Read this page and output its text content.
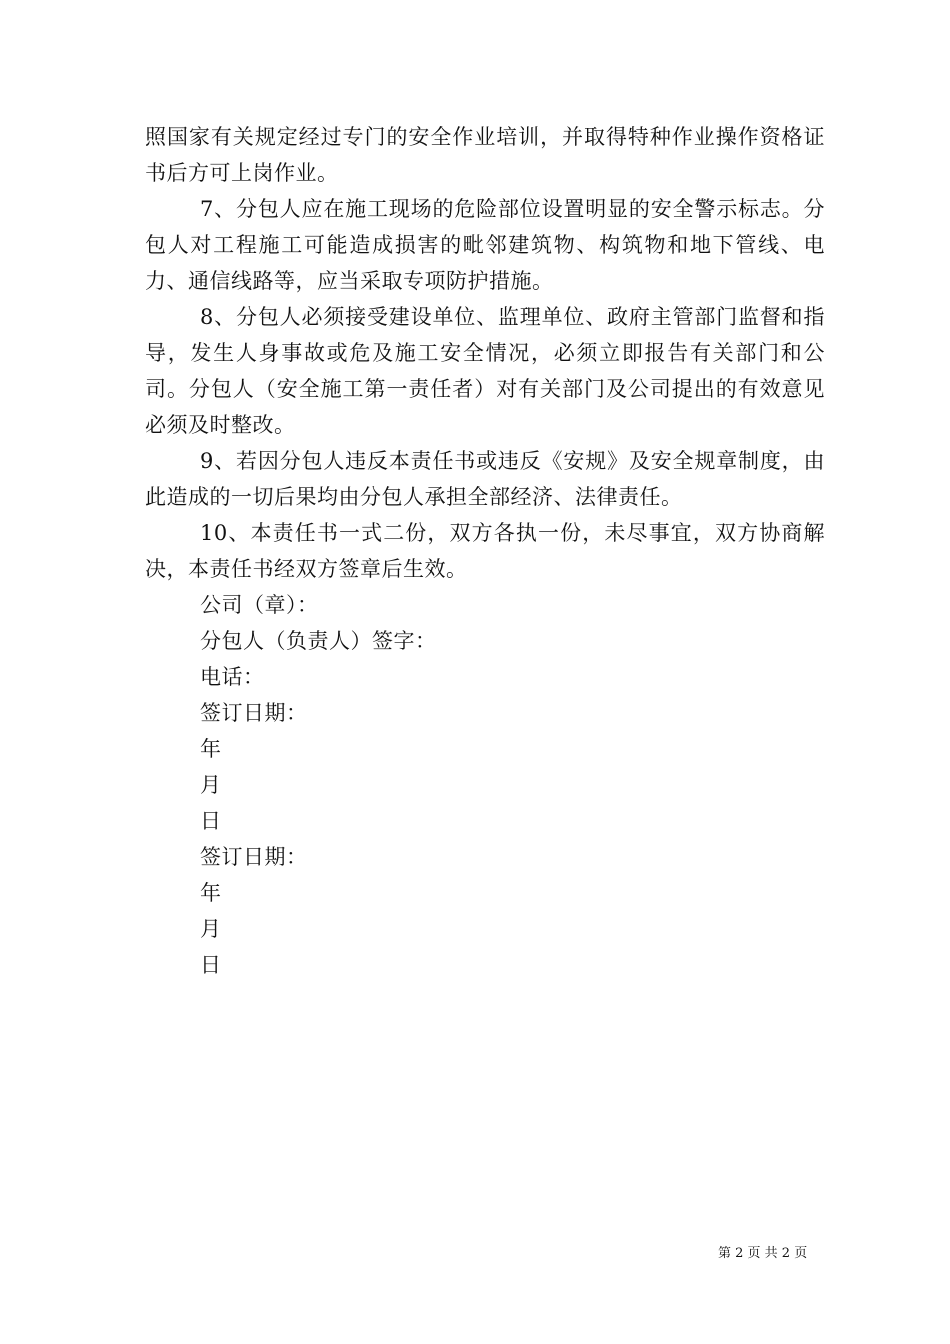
照国家有关规定经过专门的安全作业培训，并取得特种作业操作资格证书后方可上岗作业。

7、分包人应在施工现场的危险部位设置明显的安全警示标志。分包人对工程施工可能造成损害的毗邻建筑物、构筑物和地下管线、电力、通信线路等，应当采取专项防护措施。

8、分包人必须接受建设单位、监理单位、政府主管部门监督和指导，发生人身事故或危及施工安全情况，必须立即报告有关部门和公司。分包人（安全施工第一责任者）对有关部门及公司提出的有效意见必须及时整改。

9、若因分包人违反本责任书或违反《安规》及安全规章制度，由此造成的一切后果均由分包人承担全部经济、法律责任。

10、本责任书一式二份，双方各执一份，未尽事宜，双方协商解决，本责任书经双方签章后生效。

公司（章）：

分包人（负责人）签字：

电话：

签订日期：

年

月

日

签订日期：

年

月

日

第 2 页 共 2 页
